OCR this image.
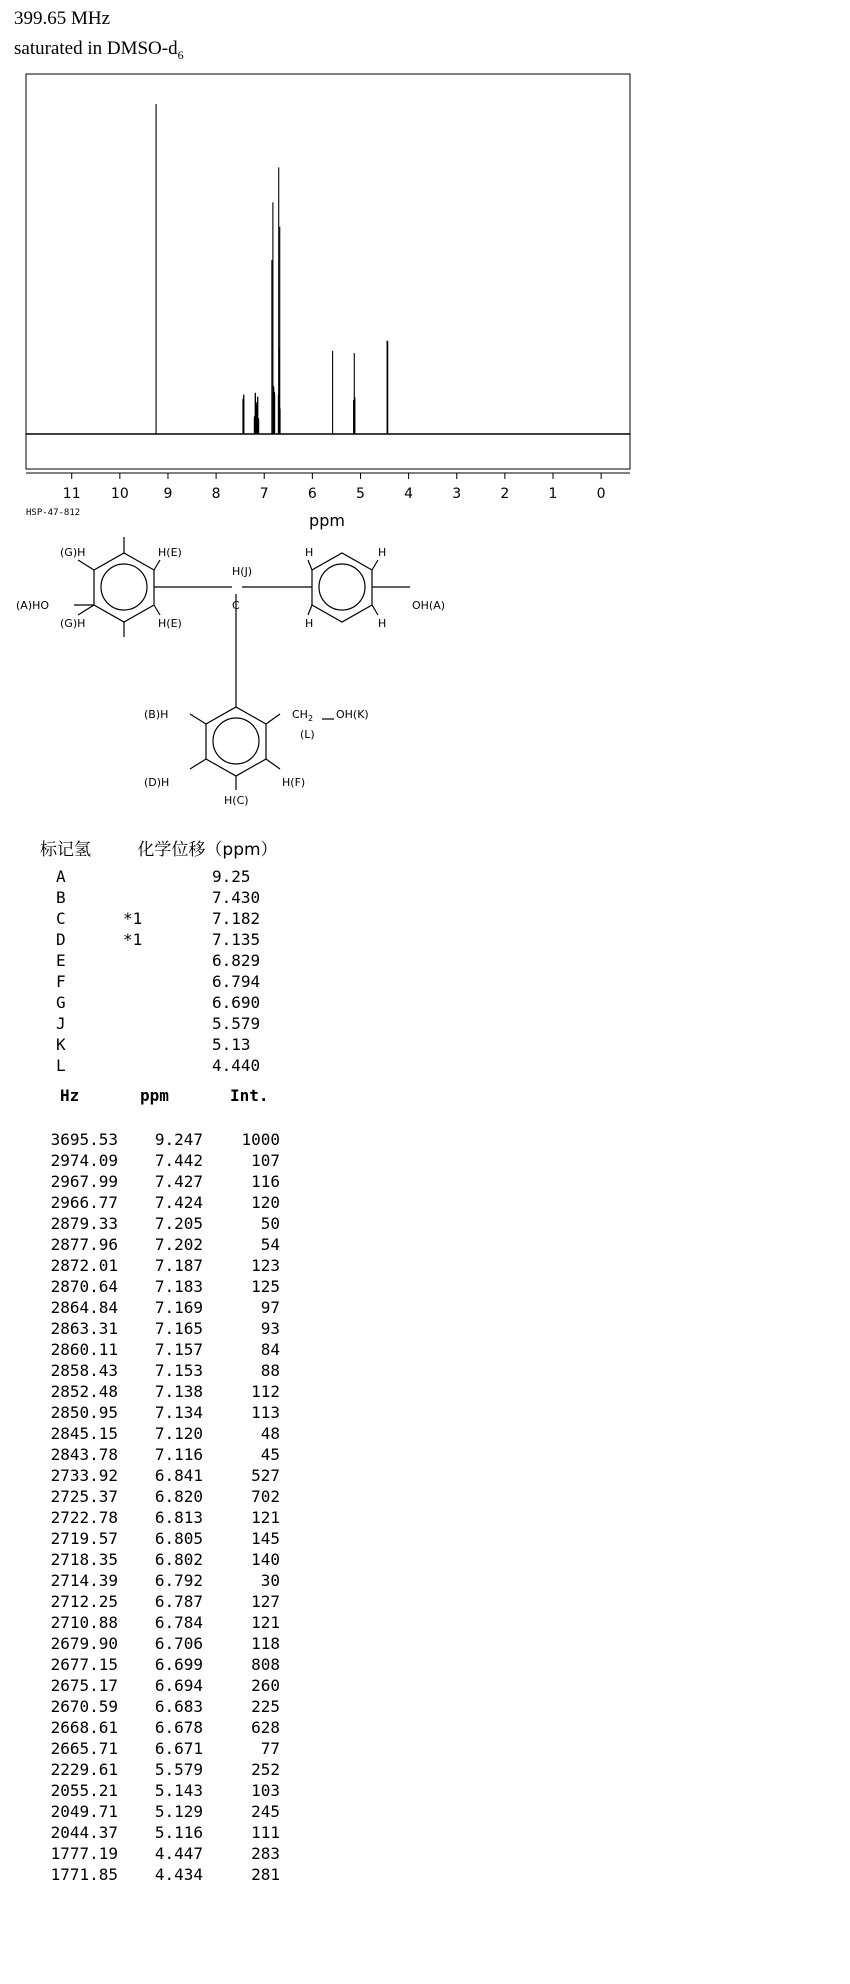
399.65 MHz
saturated in DMSO-$d_6$
11 10 9	8	7	6	5	4	3	2	1	0
ppm
HSP-47-812
(G)H	H(E)
(A)HO
(G)H	H(E)
H(J)
C
H	H
OH(A)
H	H
(B)H	$CH_2$ OH(K)
(L)
(D)H	H(F)
H(C)
标记氢	化学位移（ppm）
A	9.25
B	7.430
C	*1	7.182
D	*1	7.135
E	6.829
F	6.794
G	6.690
J	5.579
K	5.13
L	4.440
Hz	ppm	Int.
3695.53	9.247	1000
2974.09	7.442	107
2967.99	7.427	116
2966.77	7.424	120
2879.33	7.205	50
2877.96	7.202	54
2872.01	7.187	123
2870.64	7.183	125
2864.84	7.169	97
2863.31	7.165	93
2860.11	7.157	84
2858.43	7.153	88
2852.48	7.138	112
2850.95	7.134	113
2845.15	7.120	48
2843.78	7.116	45
2733.92	6.841	527
2725.37	6.820	702
2722.78	6.813	121
2719.57	6.805	145
2718.35	6.802	140
2714.39	6.792	30
2712.25	6.787	127
2710.88	6.784	121
2679.90	6.706	118
2677.15	6.699	808
2675.17	6.694	260
2670.59	6.683	225
2668.61	6.678	628
2665.71	6.671	77
2229.61	5.579	252
2055.21	5.143	103
2049.71	5.129	245
2044.37	5.116	111
1777.19	4.447	283
1771.85	4.434	281
